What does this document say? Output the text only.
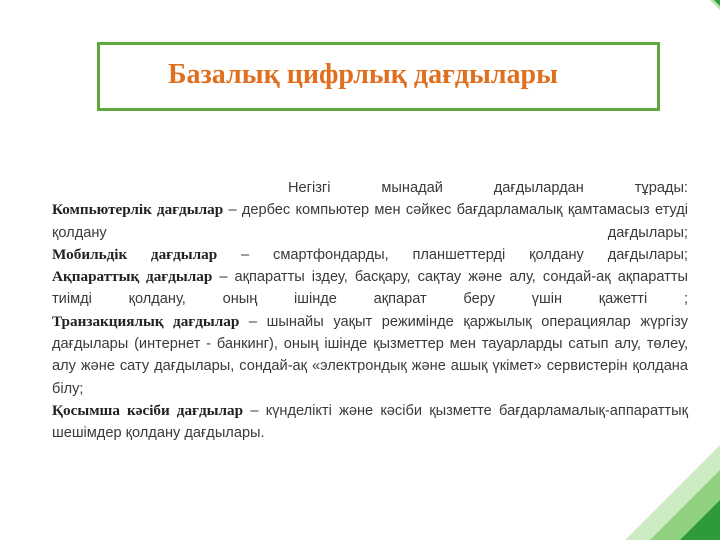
Базалық цифрлық дағдылары

Негізгі мынадай дағдылардан тұрады:

Компьютерлік дағдылар – дербес компьютер мен сәйкес бағдарламалық қамтамасыз етуді қолдану дағдылары;

Мобильдік дағдылар – смартфондарды, планшеттерді қолдану дағдылары;

Ақпараттық дағдылар – ақпаратты іздеу, басқару, сақтау және алу, сондай-ақ ақпаратты тиімді қолдану, оның ішінде ақпарат беру үшін қажетті ;

Транзакциялық дағдылар – шынайы уақыт режимінде қаржылық операциялар жүргізу дағдылары (интернет - банкинг), оның ішінде қызметтер мен тауарларды сатып алу, төлеу, алу және сату дағдылары, сондай-ақ «электрондық және ашық үкімет» сервистерін қолдана білу;

Қосымша кәсіби дағдылар – күнделікті және кәсіби қызметте бағдарламалық-аппараттық шешімдер қолдану дағдылары.
